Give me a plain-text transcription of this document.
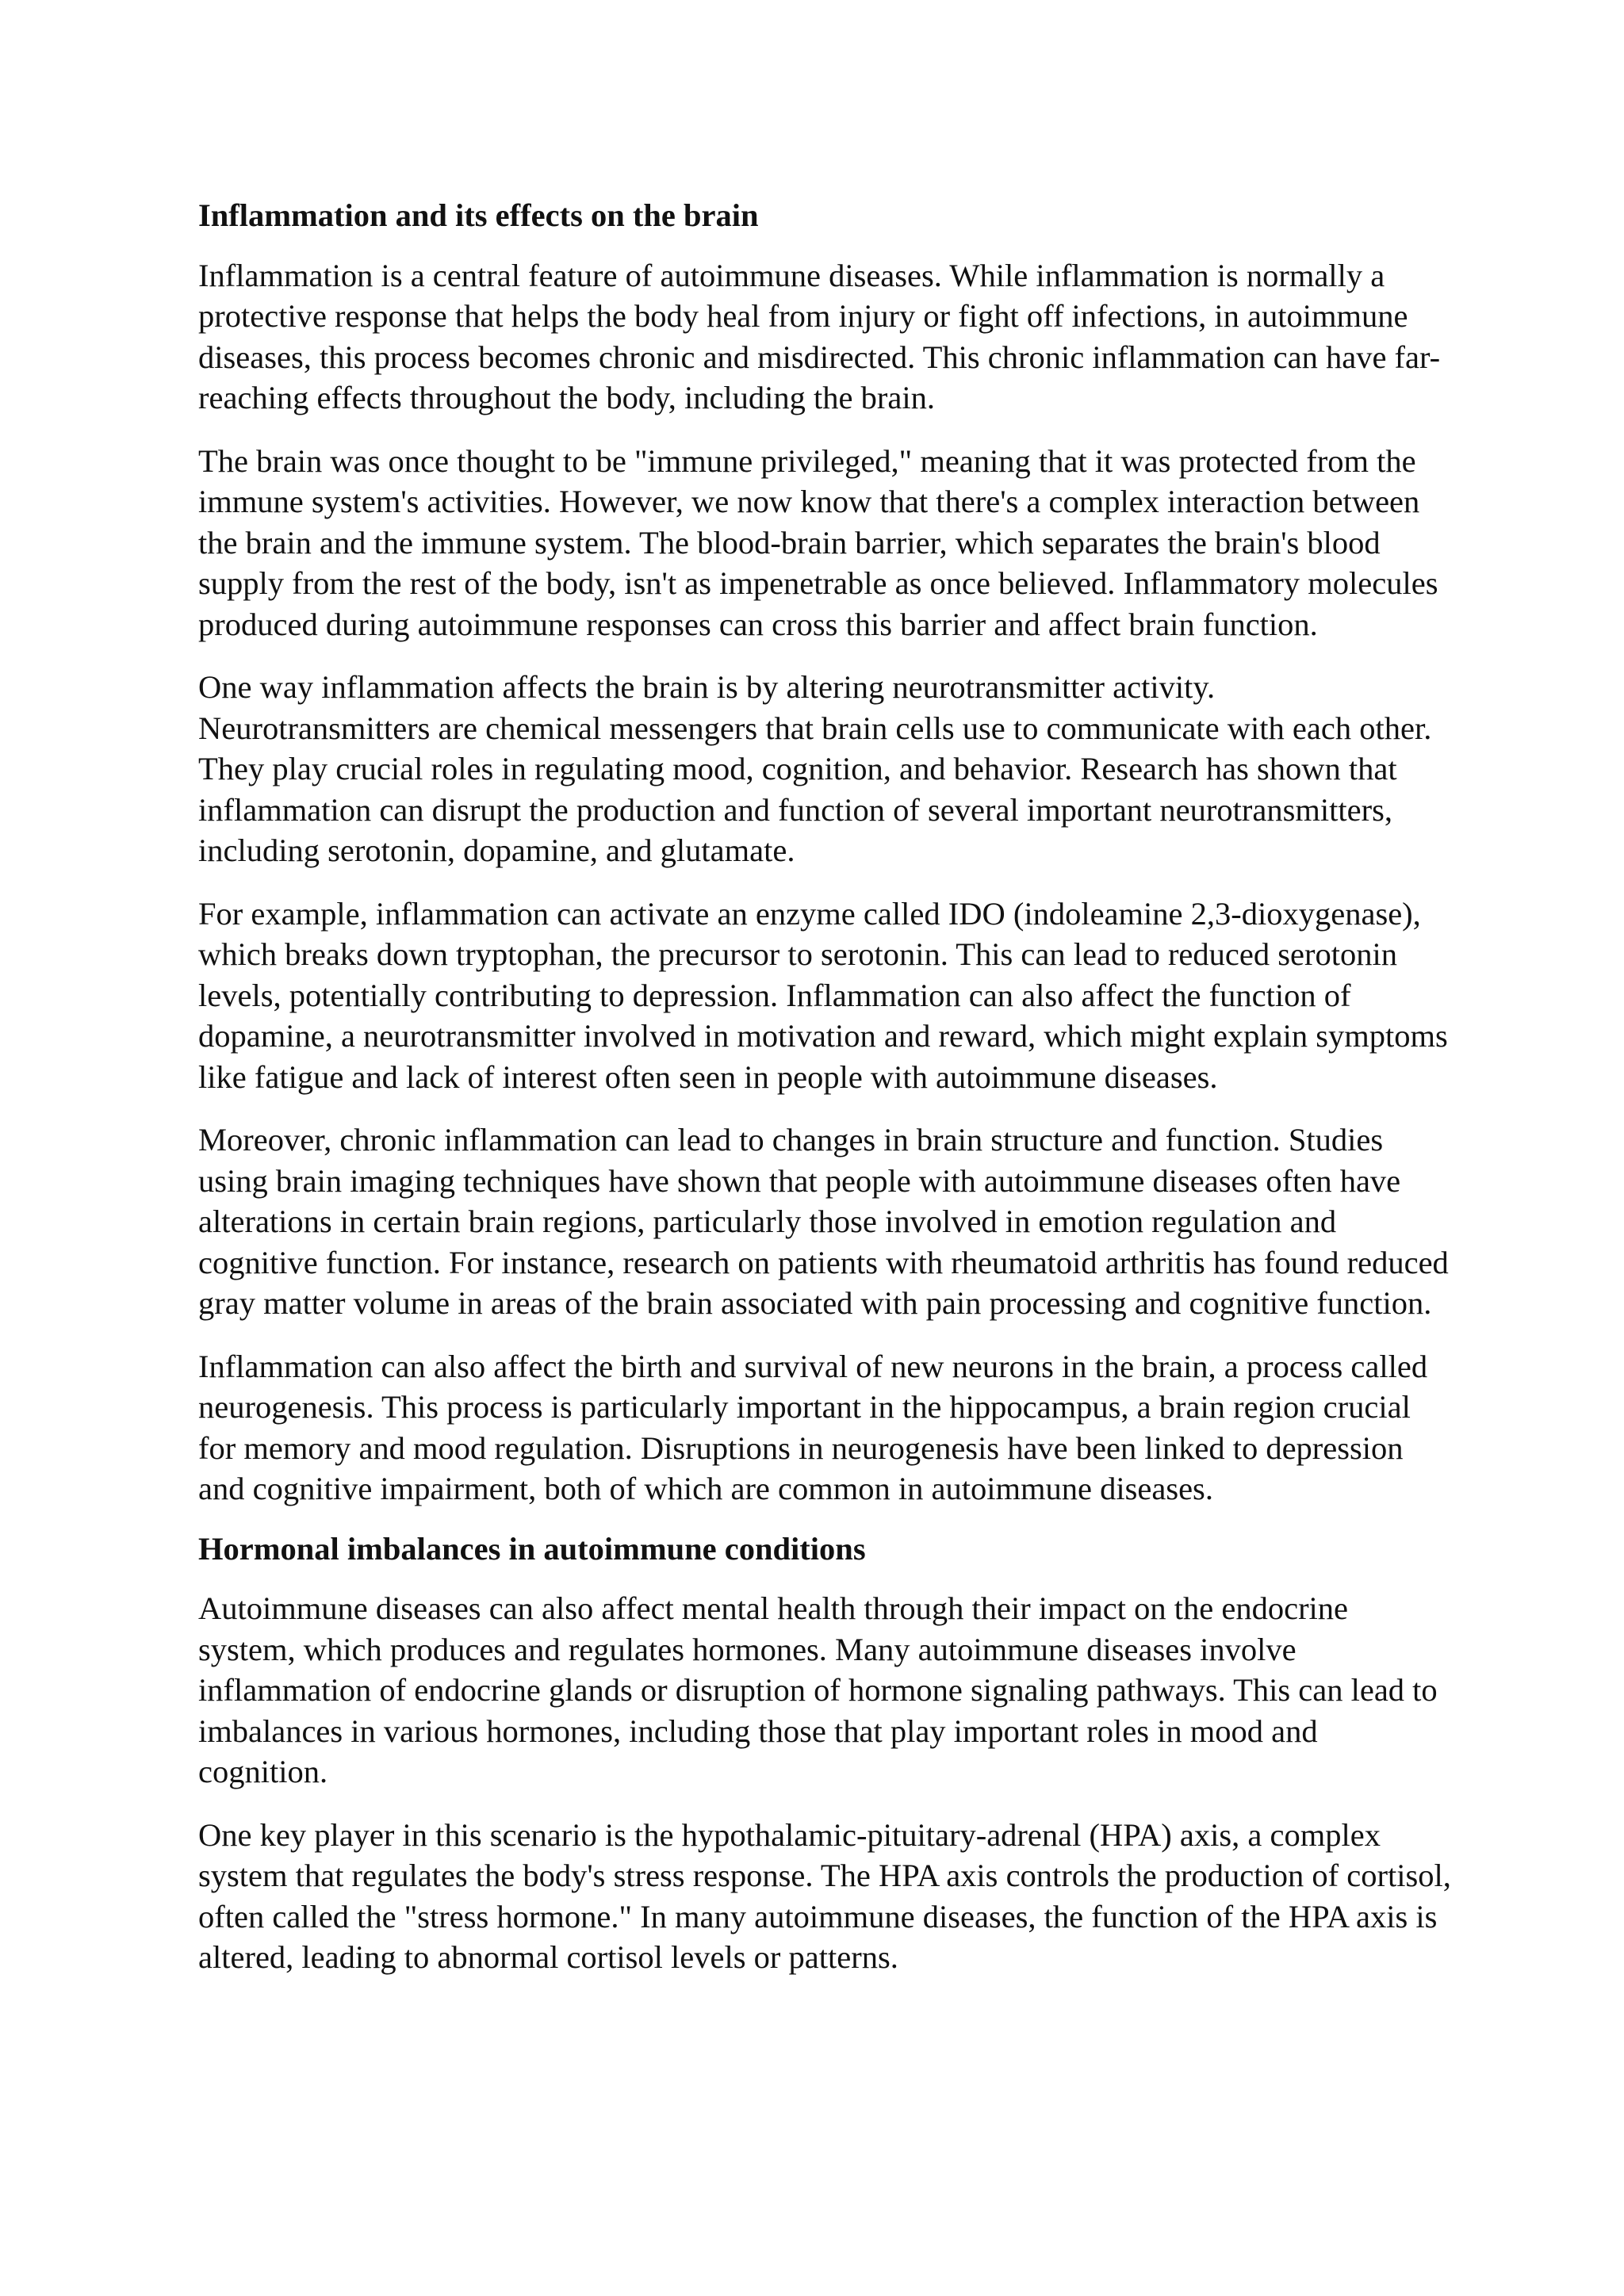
Inflammation and its effects on the brain

Inflammation is a central feature of autoimmune diseases. While inflammation is normally a protective response that helps the body heal from injury or fight off infections, in autoimmune diseases, this process becomes chronic and misdirected. This chronic inflammation can have far-reaching effects throughout the body, including the brain.

The brain was once thought to be "immune privileged," meaning that it was protected from the immune system's activities. However, we now know that there's a complex interaction between the brain and the immune system. The blood-brain barrier, which separates the brain's blood supply from the rest of the body, isn't as impenetrable as once believed. Inflammatory molecules produced during autoimmune responses can cross this barrier and affect brain function.

One way inflammation affects the brain is by altering neurotransmitter activity. Neurotransmitters are chemical messengers that brain cells use to communicate with each other. They play crucial roles in regulating mood, cognition, and behavior. Research has shown that inflammation can disrupt the production and function of several important neurotransmitters, including serotonin, dopamine, and glutamate.

For example, inflammation can activate an enzyme called IDO (indoleamine 2,3-dioxygenase), which breaks down tryptophan, the precursor to serotonin. This can lead to reduced serotonin levels, potentially contributing to depression. Inflammation can also affect the function of dopamine, a neurotransmitter involved in motivation and reward, which might explain symptoms like fatigue and lack of interest often seen in people with autoimmune diseases.

Moreover, chronic inflammation can lead to changes in brain structure and function. Studies using brain imaging techniques have shown that people with autoimmune diseases often have alterations in certain brain regions, particularly those involved in emotion regulation and cognitive function. For instance, research on patients with rheumatoid arthritis has found reduced gray matter volume in areas of the brain associated with pain processing and cognitive function.

Inflammation can also affect the birth and survival of new neurons in the brain, a process called neurogenesis. This process is particularly important in the hippocampus, a brain region crucial for memory and mood regulation. Disruptions in neurogenesis have been linked to depression and cognitive impairment, both of which are common in autoimmune diseases.

Hormonal imbalances in autoimmune conditions

Autoimmune diseases can also affect mental health through their impact on the endocrine system, which produces and regulates hormones. Many autoimmune diseases involve inflammation of endocrine glands or disruption of hormone signaling pathways. This can lead to imbalances in various hormones, including those that play important roles in mood and cognition.

One key player in this scenario is the hypothalamic-pituitary-adrenal (HPA) axis, a complex system that regulates the body's stress response. The HPA axis controls the production of cortisol, often called the "stress hormone." In many autoimmune diseases, the function of the HPA axis is altered, leading to abnormal cortisol levels or patterns.
